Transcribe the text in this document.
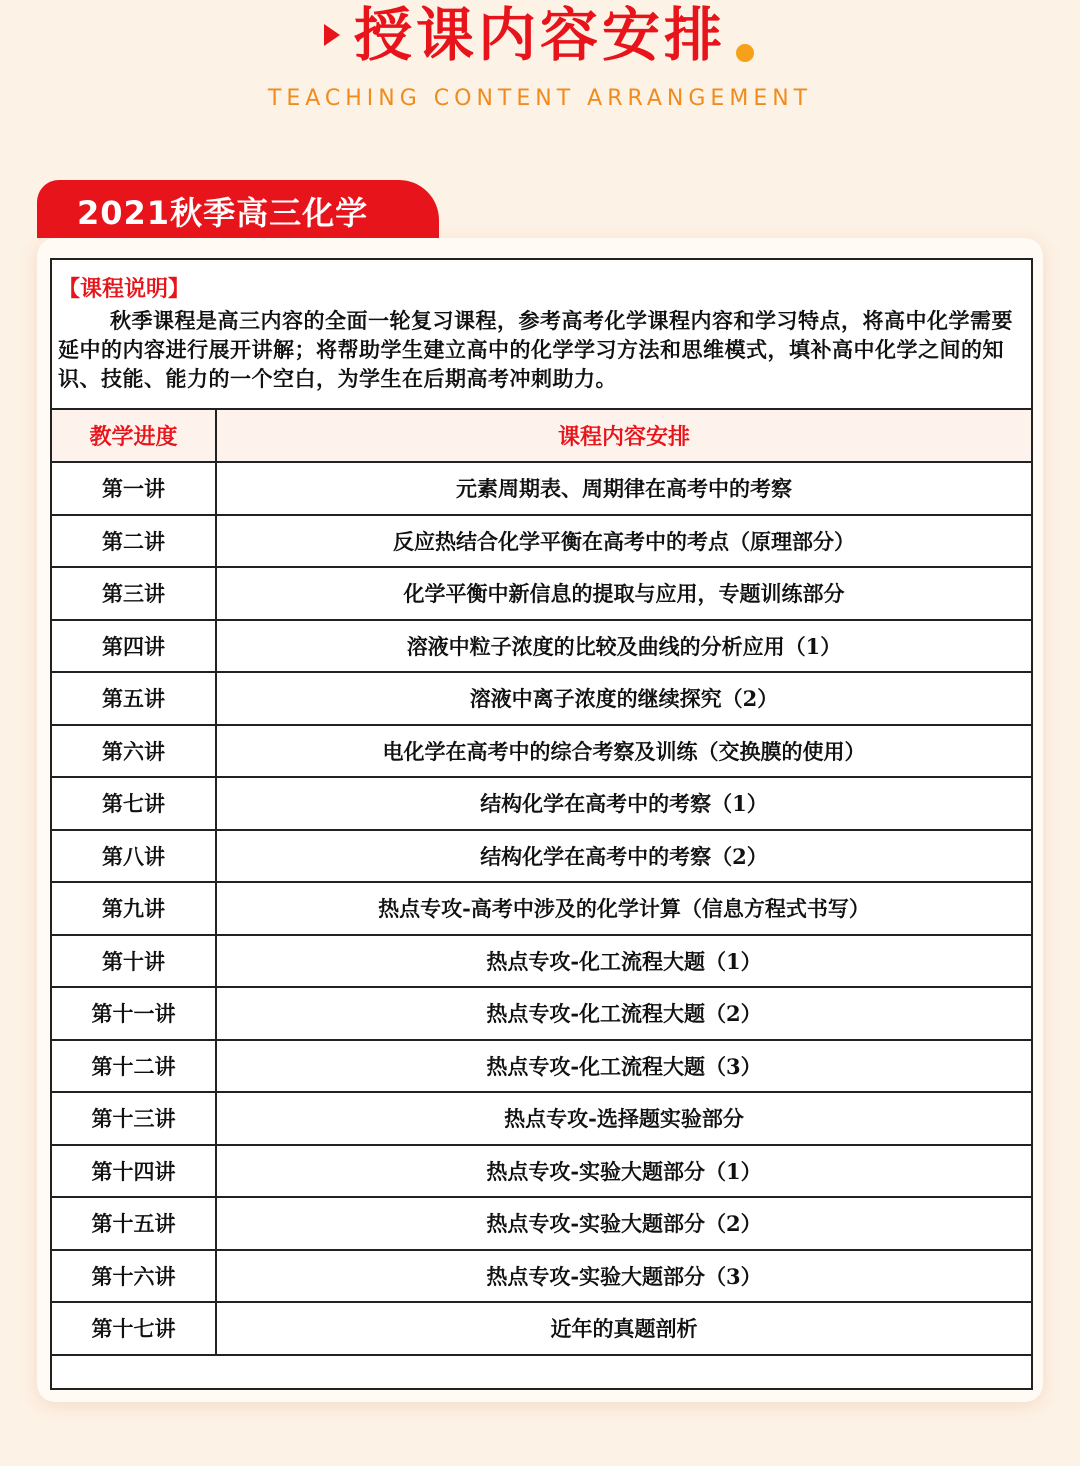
授课内容安排
TEACHING CONTENT ARRANGEMENT
2021秋季高三化学
【课程说明】
秋季课程是高三内容的全面一轮复习课程，参考高考化学课程内容和学习特点，将高中化学需要延中的内容进行展开讲解；将帮助学生建立高中的化学学习方法和思维模式，填补高中化学之间的知识、技能、能力的一个空白，为学生在后期高考冲刺助力。
教学进度	课程内容安排
第一讲	元素周期表、周期律在高考中的考察
第二讲	反应热结合化学平衡在高考中的考点（原理部分）
第三讲	化学平衡中新信息的提取与应用，专题训练部分
第四讲	溶液中粒子浓度的比较及曲线的分析应用（1）
第五讲	溶液中离子浓度的继续探究（2）
第六讲	电化学在高考中的综合考察及训练（交换膜的使用）
第七讲	结构化学在高考中的考察（1）
第八讲	结构化学在高考中的考察（2）
第九讲	热点专攻-高考中涉及的化学计算（信息方程式书写）
第十讲	热点专攻-化工流程大题（1）
第十一讲	热点专攻-化工流程大题（2）
第十二讲	热点专攻-化工流程大题（3）
第十三讲	热点专攻-选择题实验部分
第十四讲	热点专攻-实验大题部分（1）
第十五讲	热点专攻-实验大题部分（2）
第十六讲	热点专攻-实验大题部分（3）
第十七讲	近年的真题剖析
